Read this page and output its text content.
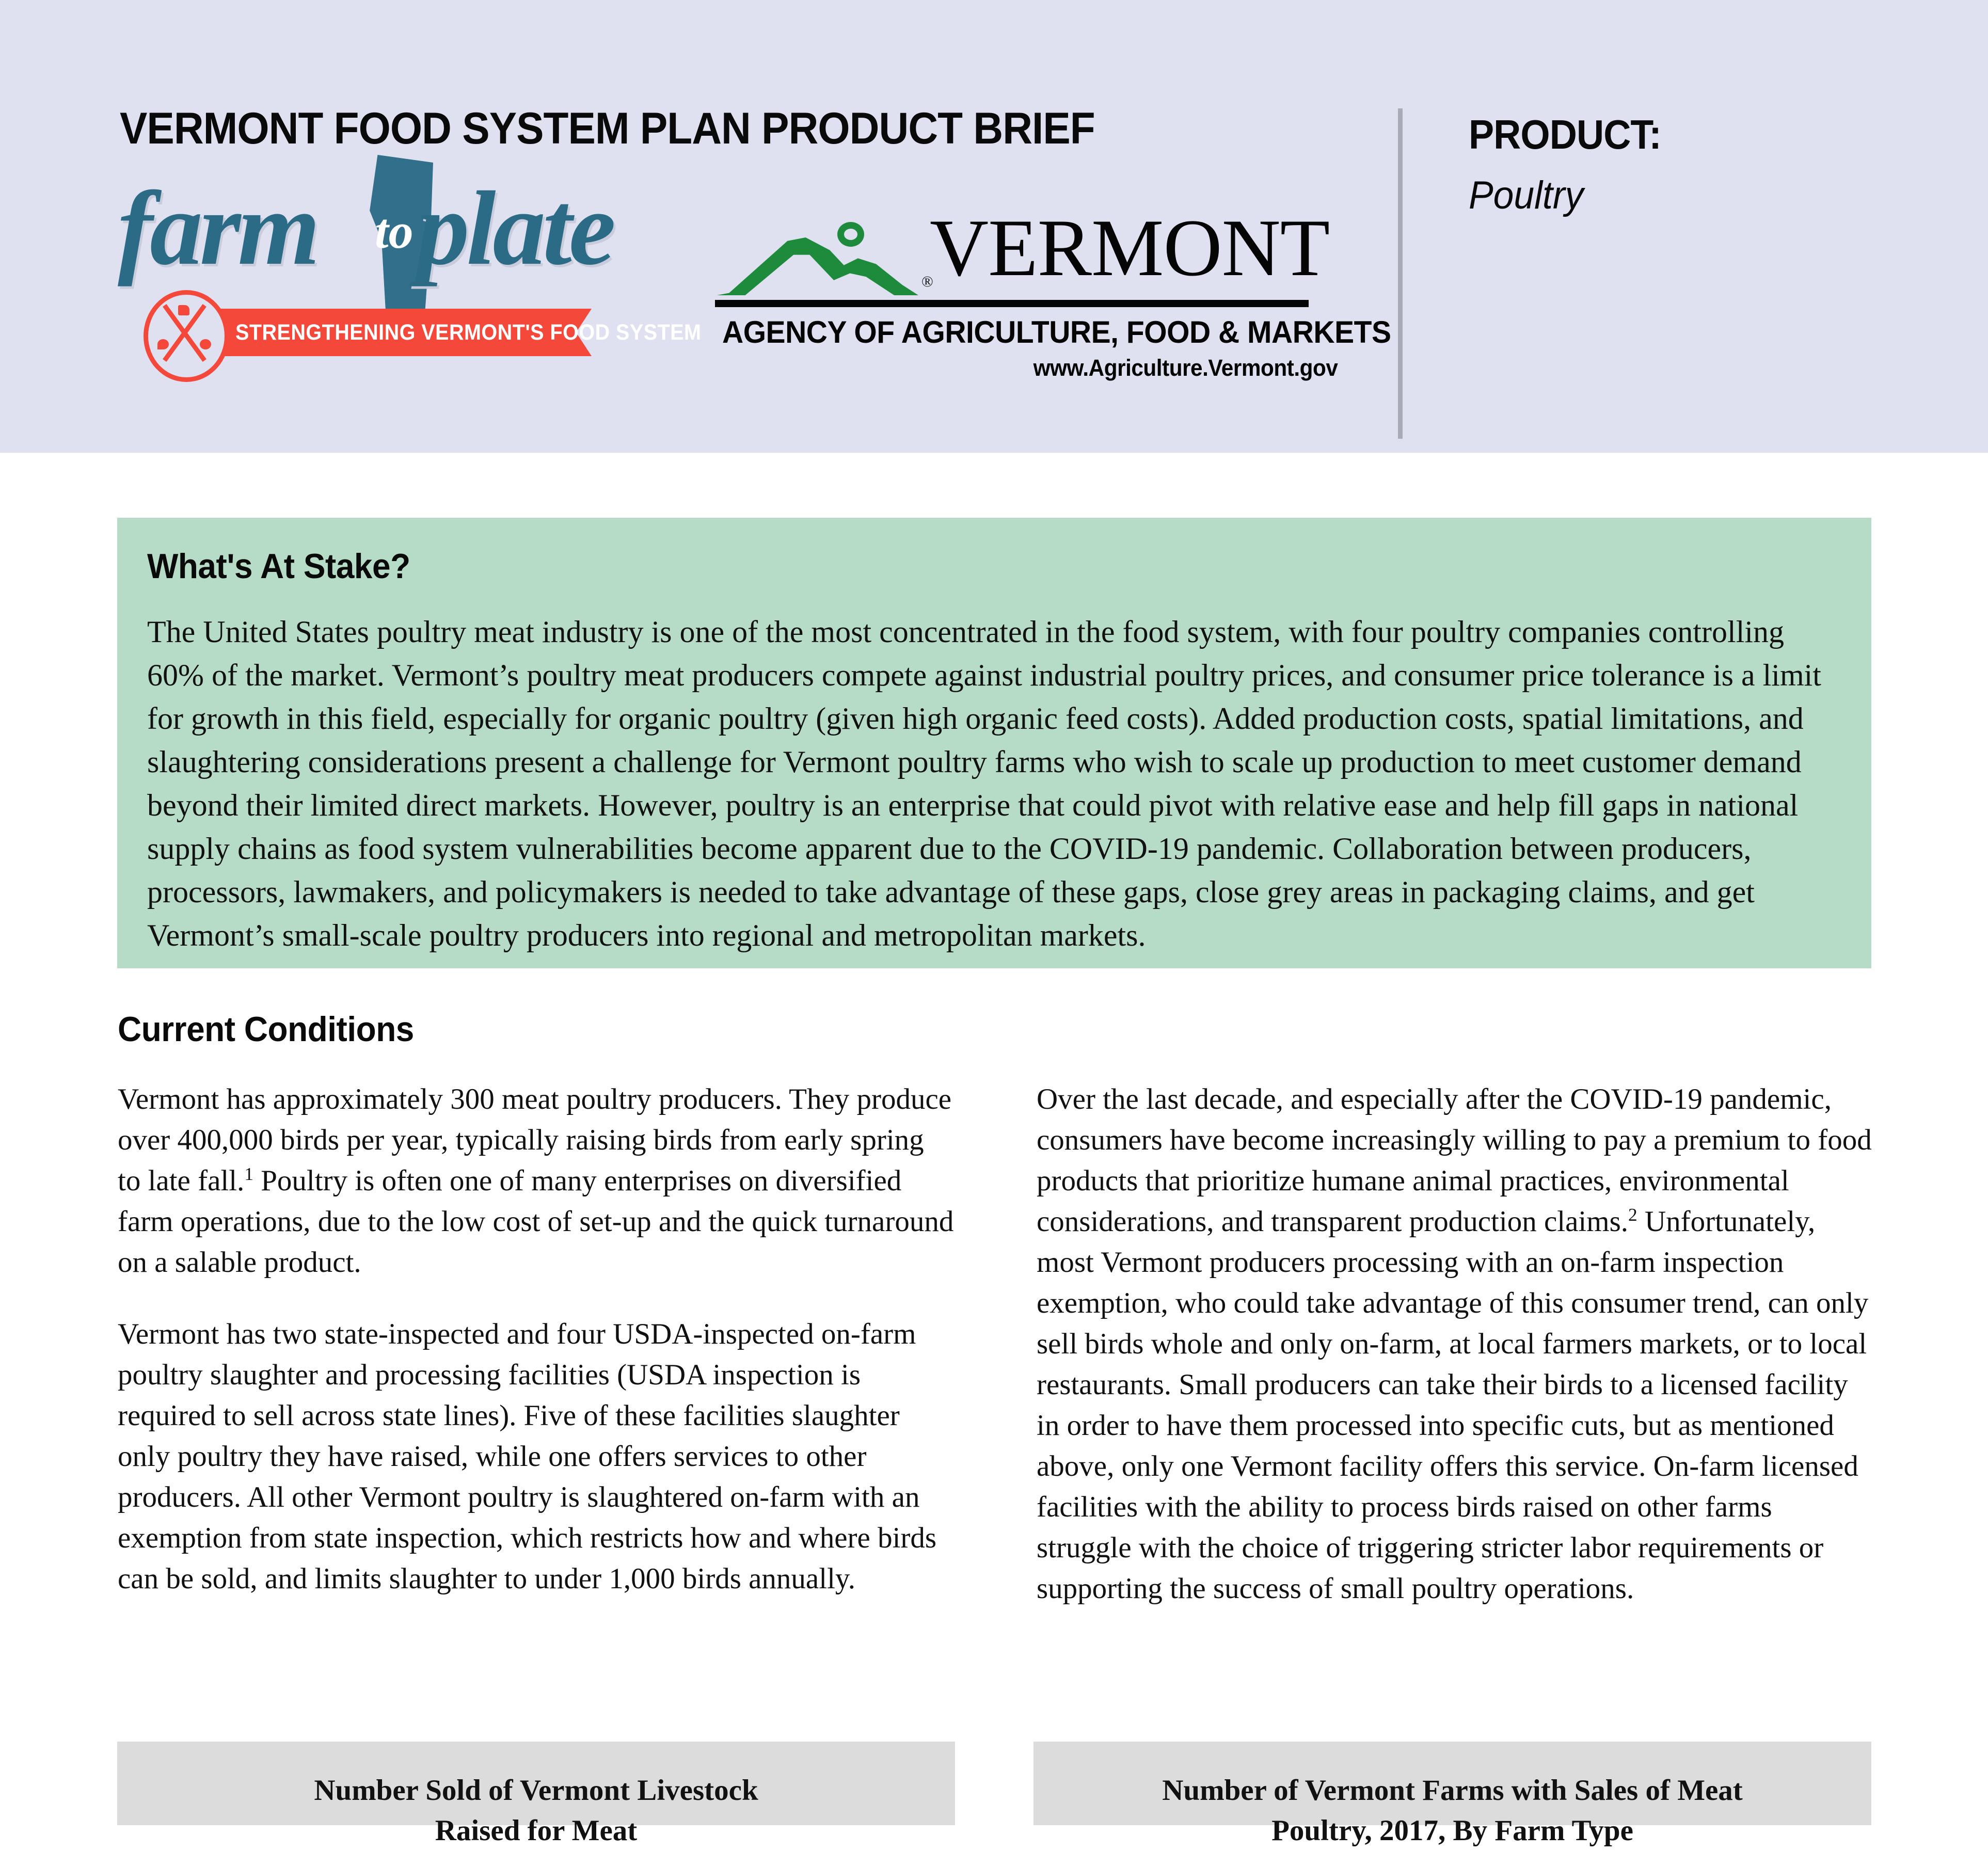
VERMONT FOOD SYSTEM PLAN PRODUCT BRIEF	PRODUCT:
Poultry
farm plate
to
STRENGTHENING VERMONT'S FOOD SYSTEM
®
VERMONT
AGENCY OF AGRICULTURE, FOOD & MARKETS
www.Agriculture.Vermont.gov
What's At Stake?

The United States poultry meat industry is one of the most concentrated in the food system, with four poultry companies controlling 60% of the market. Vermont’s poultry meat producers compete against industrial poultry prices, and consumer price tolerance is a limit for growth in this field, especially for organic poultry (given high organic feed costs). Added production costs, spatial limitations, and slaughtering considerations present a challenge for Vermont poultry farms who wish to scale up production to meet customer demand beyond their limited direct markets. However, poultry is an enterprise that could pivot with relative ease and help fill gaps in national supply chains as food system vulnerabilities become apparent due to the COVID-19 pandemic. Collaboration between producers, processors, lawmakers, and policymakers is needed to take advantage of these gaps, close grey areas in packaging claims, and get Vermont’s small-scale poultry producers into regional and metropolitan markets.

Current Conditions

Vermont has approximately 300 meat poultry producers. They produce over 400,000 birds per year, typically raising birds from early spring to late fall.$^1$ Poultry is often one of many enterprises on diversified farm operations, due to the low cost of set-up and the quick turnaround on a salable product.

Vermont has two state-inspected and four USDA-inspected on-farm poultry slaughter and processing facilities (USDA inspection is required to sell across state lines). Five of these facilities slaughter only poultry they have raised, while one offers services to other producers. All other Vermont poultry is slaughtered on-farm with an exemption from state inspection, which restricts how and where birds can be sold, and limits slaughter to under 1,000 birds annually.

Over the last decade, and especially after the COVID-19 pandemic, consumers have become increasingly willing to pay a premium to food products that prioritize humane animal practices, environmental considerations, and transparent production claims.$^2$ Unfortunately, most Vermont producers processing with an on-farm inspection exemption, who could take advantage of this consumer trend, can only sell birds whole and only on-farm, at local farmers markets, or to local restaurants. Small producers can take their birds to a licensed facility in order to have them processed into specific cuts, but as mentioned above, only one Vermont facility offers this service. On-farm licensed facilities with the ability to process birds raised on other farms struggle with the choice of triggering stricter labor requirements or supporting the success of small poultry operations.

Number Sold of Vermont Livestock
Raised for Meat
Number of Vermont Farms with Sales of Meat
Poultry, 2017, By Farm Type
